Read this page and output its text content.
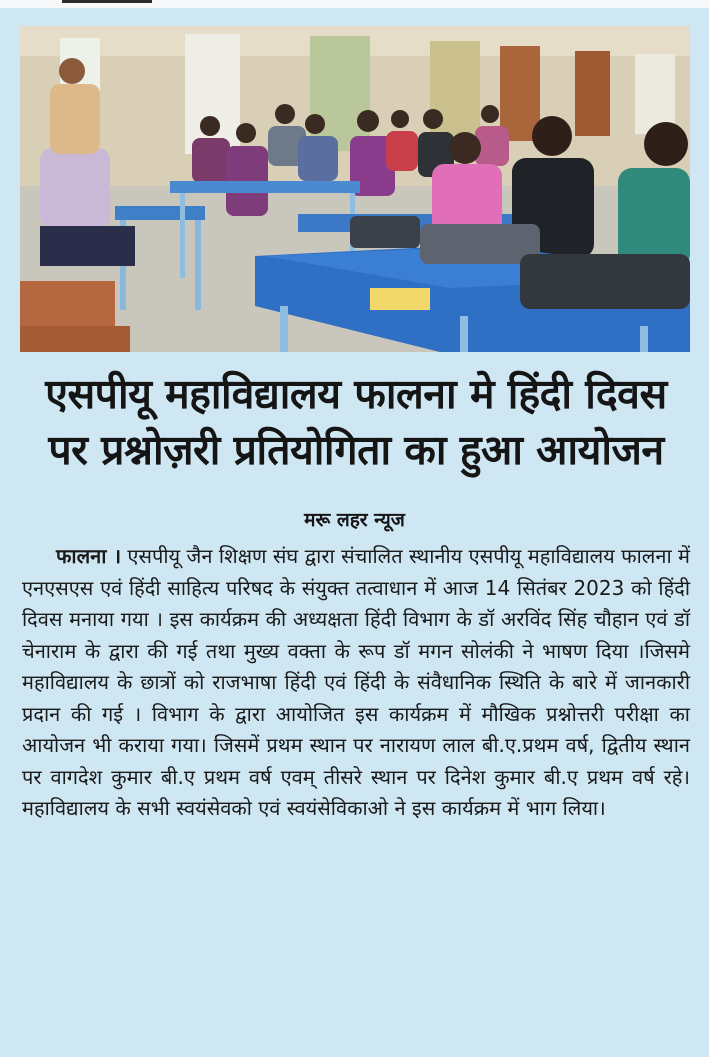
एसपीयू महाविद्यालय फालना मे हिंदी दिवस
पर प्रश्नोज़री प्रतियोगिता का हुआ आयोजन
मरू लहर न्यूज

फालना । एसपीयू जैन शिक्षण संघ द्वारा संचालित स्थानीय एसपीयू महाविद्यालय फालना में एनएसएस एवं हिंदी साहित्य परिषद के संयुक्त तत्वाधान में आज 14 सितंबर 2023 को हिंदी दिवस मनाया गया । इस कार्यक्रम की अध्यक्षता हिंदी विभाग के डॉ अरविंद सिंह चौहान एवं डॉ चेनाराम के द्वारा की गई तथा मुख्य वक्ता के रूप डॉ मगन सोलंकी ने भाषण दिया ।जिसमे महाविद्यालय के छात्रों को राजभाषा हिंदी एवं हिंदी के संवैधानिक स्थिति के बारे में जानकारी प्रदान की गई । विभाग के द्वारा आयोजित इस कार्यक्रम में मौखिक प्रश्नोत्तरी परीक्षा का आयोजन भी कराया गया। जिसमें प्रथम स्थान पर नारायण लाल बी.ए.प्रथम वर्ष, द्वितीय स्थान पर वागदेश कुमार बी.ए प्रथम वर्ष एवम् तीसरे स्थान पर दिनेश कुमार बी.ए प्रथम वर्ष रहे। महाविद्यालय के सभी स्वयंसेवको एवं स्वयंसेविकाओ ने इस कार्यक्रम में भाग लिया।
